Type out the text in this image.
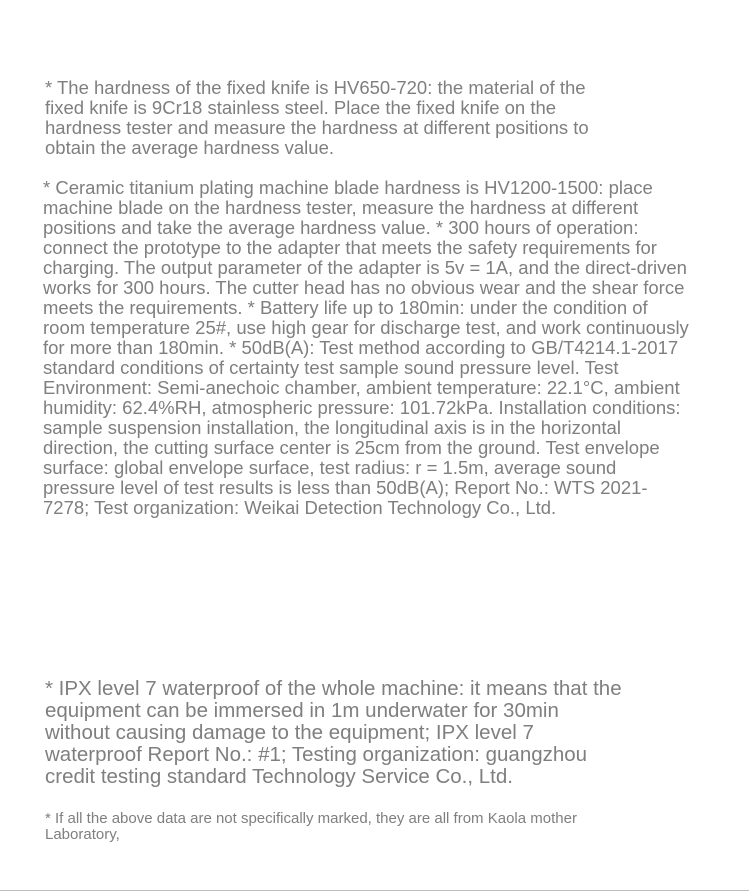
* The hardness of the fixed knife is HV650-720: the material of the
fixed knife is 9Cr18 stainless steel. Place the fixed knife on the
hardness tester and measure the hardness at different positions to
obtain the average hardness value.

* Ceramic titanium plating machine blade hardness is HV1200-1500: place
machine blade on the hardness tester, measure the hardness at different
positions and take the average hardness value. * 300 hours of operation:
connect the prototype to the adapter that meets the safety requirements for
charging. The output parameter of the adapter is 5v = 1A, and the direct-driven
works for 300 hours. The cutter head has no obvious wear and the shear force
meets the requirements. * Battery life up to 180min: under the condition of
room temperature 25#, use high gear for discharge test, and work continuously
for more than 180min. * 50dB(A): Test method according to GB/T4214.1-2017
standard conditions of certainty test sample sound pressure level. Test
Environment: Semi-anechoic chamber, ambient temperature: 22.1°C, ambient
humidity: 62.4%RH, atmospheric pressure: 101.72kPa. Installation conditions:
sample suspension installation, the longitudinal axis is in the horizontal
direction, the cutting surface center is 25cm from the ground. Test envelope
surface: global envelope surface, test radius: r = 1.5m, average sound
pressure level of test results is less than 50dB(A); Report No.: WTS 2021-
7278; Test organization: Weikai Detection Technology Co., Ltd.

* IPX level 7 waterproof of the whole machine: it means that the
equipment can be immersed in 1m underwater for 30min
without causing damage to the equipment; IPX level 7
waterproof Report No.: #1; Testing organization: guangzhou
credit testing standard Technology Service Co., Ltd.

* If all the above data are not specifically marked, they are all from Kaola mother
Laboratory,
